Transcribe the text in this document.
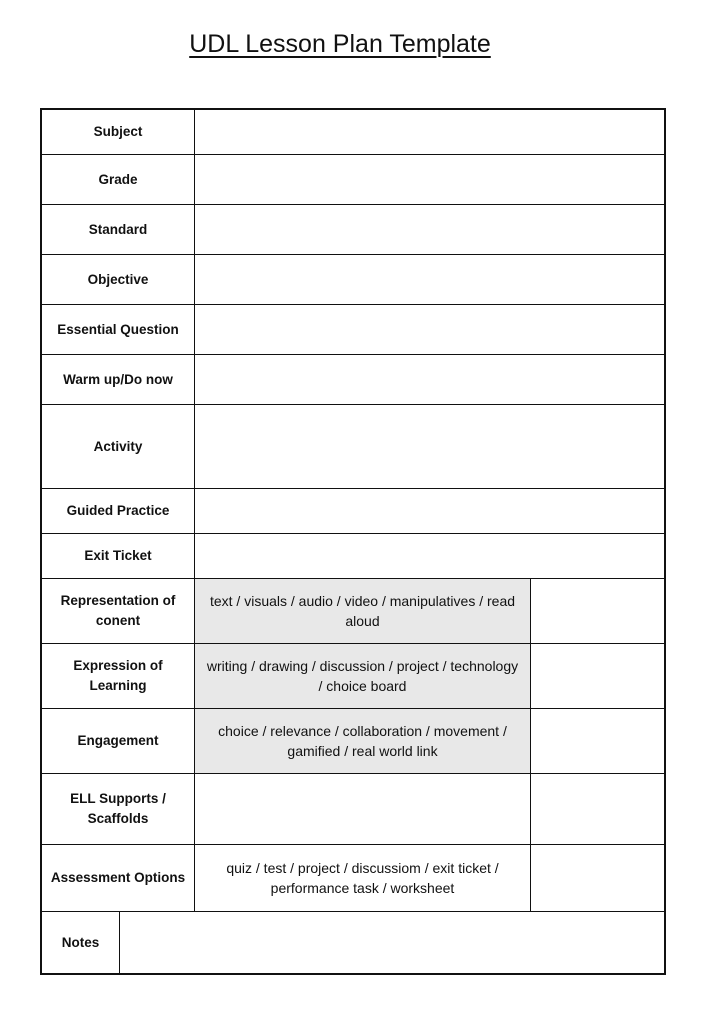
UDL Lesson Plan Template
Subject
Grade
Standard
Objective
Essential Question
Warm up/Do now
Activity
Guided Practice
Exit Ticket
Representation of conent
text / visuals / audio / video / manipulatives / read aloud
Expression of Learning
writing / drawing / discussion / project / technology / choice board
Engagement
choice / relevance / collaboration / movement / gamified / real world link
ELL Supports / Scaffolds
Assessment Options
quiz / test / project / discussiom / exit ticket / performance task / worksheet
Notes
